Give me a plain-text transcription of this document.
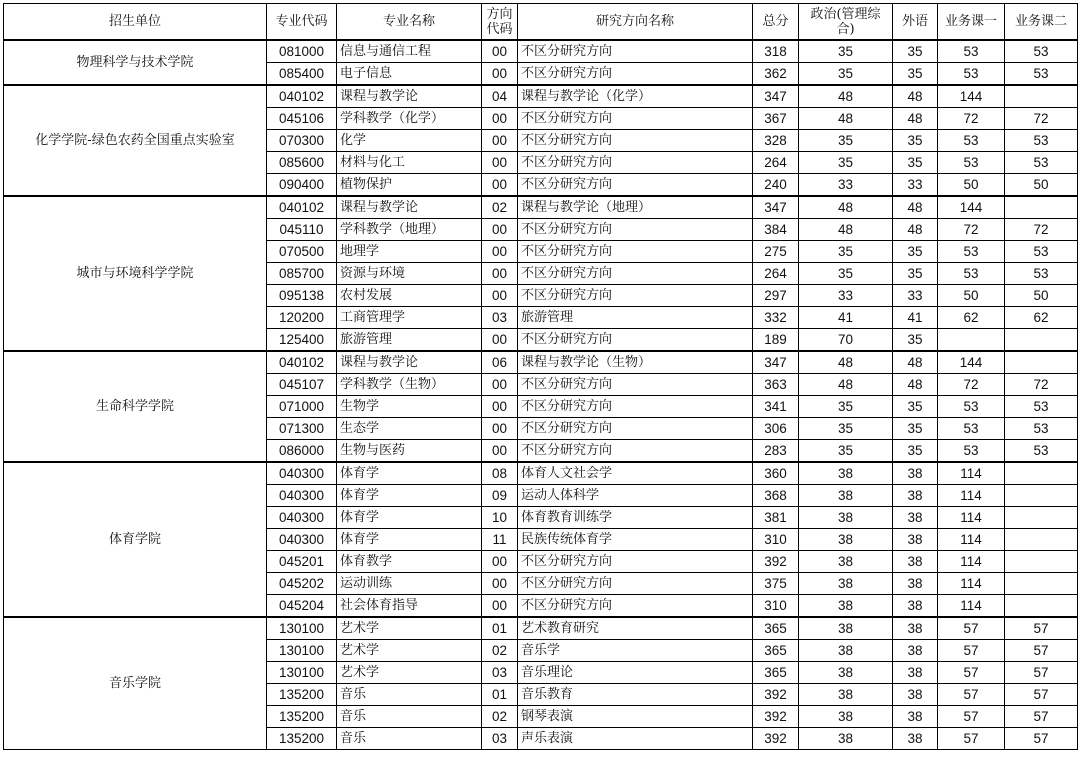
招生单位	专业代码	专业名称	方向代码	研究方向名称	总分	政治(管理综合)	外语	业务课一	业务课二
物理科学与技术学院	081000	信息与通信工程	00	不区分研究方向	318	35	35	53	53
	085400	电子信息	00	不区分研究方向	362	35	35	53	53
化学学院-绿色农药全国重点实验室	040102	课程与教学论	04	课程与教学论（化学）	347	48	48	144	
	045106	学科教学（化学）	00	不区分研究方向	367	48	48	72	72
	070300	化学	00	不区分研究方向	328	35	35	53	53
	085600	材料与化工	00	不区分研究方向	264	35	35	53	53
	090400	植物保护	00	不区分研究方向	240	33	33	50	50
城市与环境科学学院	040102	课程与教学论	02	课程与教学论（地理）	347	48	48	144	
	045110	学科教学（地理）	00	不区分研究方向	384	48	48	72	72
	070500	地理学	00	不区分研究方向	275	35	35	53	53
	085700	资源与环境	00	不区分研究方向	264	35	35	53	53
	095138	农村发展	00	不区分研究方向	297	33	33	50	50
	120200	工商管理学	03	旅游管理	332	41	41	62	62
	125400	旅游管理	00	不区分研究方向	189	70	35		
生命科学学院	040102	课程与教学论	06	课程与教学论（生物）	347	48	48	144	
	045107	学科教学（生物）	00	不区分研究方向	363	48	48	72	72
	071000	生物学	00	不区分研究方向	341	35	35	53	53
	071300	生态学	00	不区分研究方向	306	35	35	53	53
	086000	生物与医药	00	不区分研究方向	283	35	35	53	53
体育学院	040300	体育学	08	体育人文社会学	360	38	38	114	
	040300	体育学	09	运动人体科学	368	38	38	114	
	040300	体育学	10	体育教育训练学	381	38	38	114	
	040300	体育学	11	民族传统体育学	310	38	38	114	
	045201	体育教学	00	不区分研究方向	392	38	38	114	
	045202	运动训练	00	不区分研究方向	375	38	38	114	
	045204	社会体育指导	00	不区分研究方向	310	38	38	114	
音乐学院	130100	艺术学	01	艺术教育研究	365	38	38	57	57
	130100	艺术学	02	音乐学	365	38	38	57	57
	130100	艺术学	03	音乐理论	365	38	38	57	57
	135200	音乐	01	音乐教育	392	38	38	57	57
	135200	音乐	02	钢琴表演	392	38	38	57	57
	135200	音乐	03	声乐表演	392	38	38	57	57
